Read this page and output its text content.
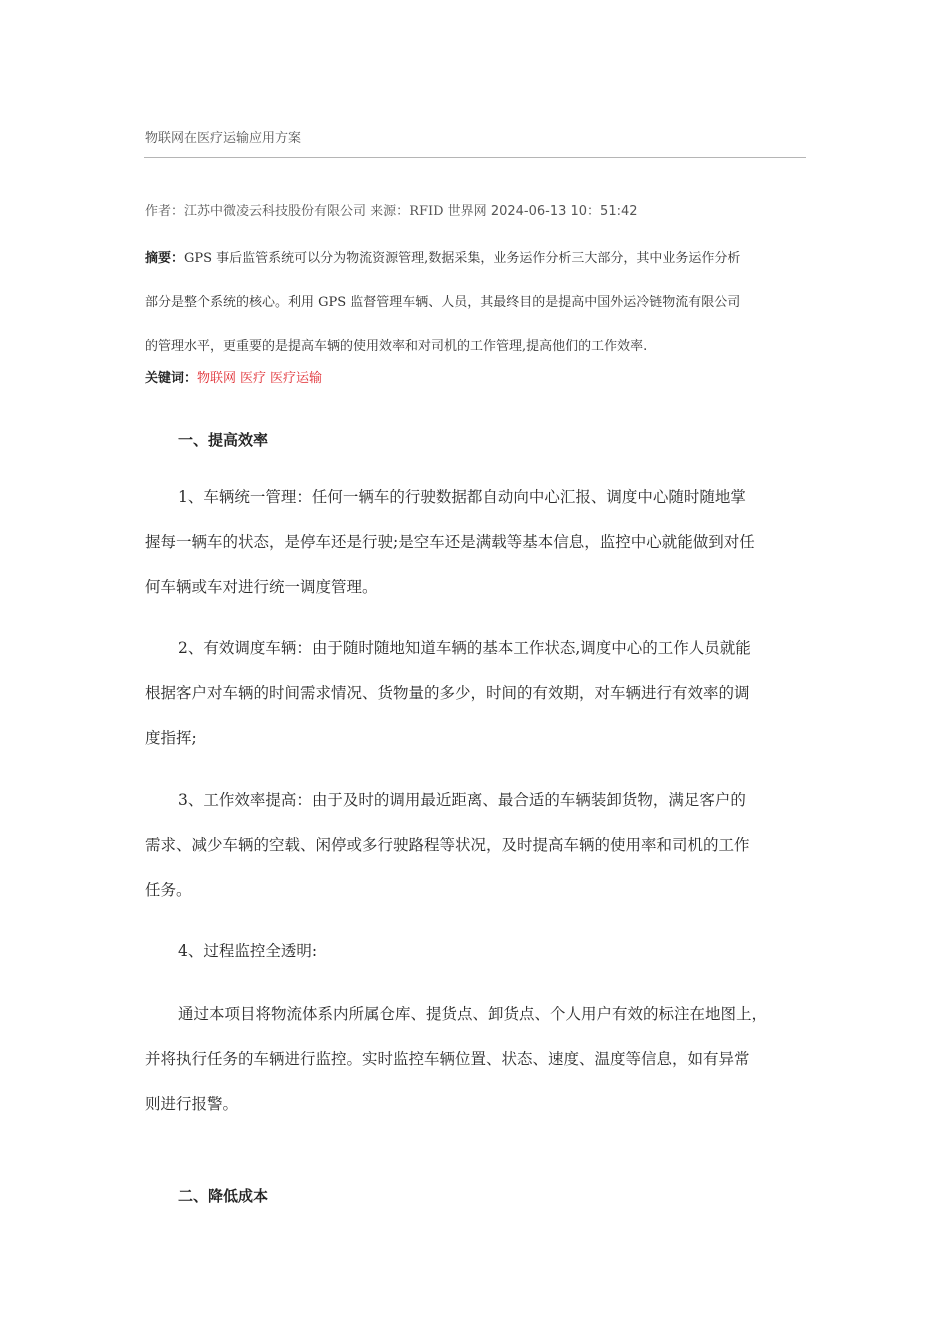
物联网在医疗运输应用方案
作者：江苏中微凌云科技股份有限公司 来源：RFID 世界网 2024-06-13 10：51:42
摘要：GPS 事后监管系统可以分为物流资源管理,数据采集，业务运作分析三大部分，其中业务运作分析
部分是整个系统的核心。利用 GPS 监督管理车辆、人员，其最终目的是提高中国外运冷链物流有限公司
的管理水平，更重要的是提高车辆的使用效率和对司机的工作管理,提高他们的工作效率.
关键词：物联网 医疗 医疗运输
一、提高效率
1、车辆统一管理：任何一辆车的行驶数据都自动向中心汇报、调度中心随时随地掌
握每一辆车的状态，是停车还是行驶;是空车还是满载等基本信息，监控中心就能做到对任
何车辆或车对进行统一调度管理。
2、有效调度车辆：由于随时随地知道车辆的基本工作状态,调度中心的工作人员就能
根据客户对车辆的时间需求情况、货物量的多少，时间的有效期，对车辆进行有效率的调
度指挥;
3、工作效率提高：由于及时的调用最近距离、最合适的车辆装卸货物，满足客户的
需求、减少车辆的空载、闲停或多行驶路程等状况，及时提高车辆的使用率和司机的工作
任务。
4、过程监控全透明:
通过本项目将物流体系内所属仓库、提货点、卸货点、个人用户有效的标注在地图上，
并将执行任务的车辆进行监控。实时监控车辆位置、状态、速度、温度等信息，如有异常
则进行报警。
二、降低成本
